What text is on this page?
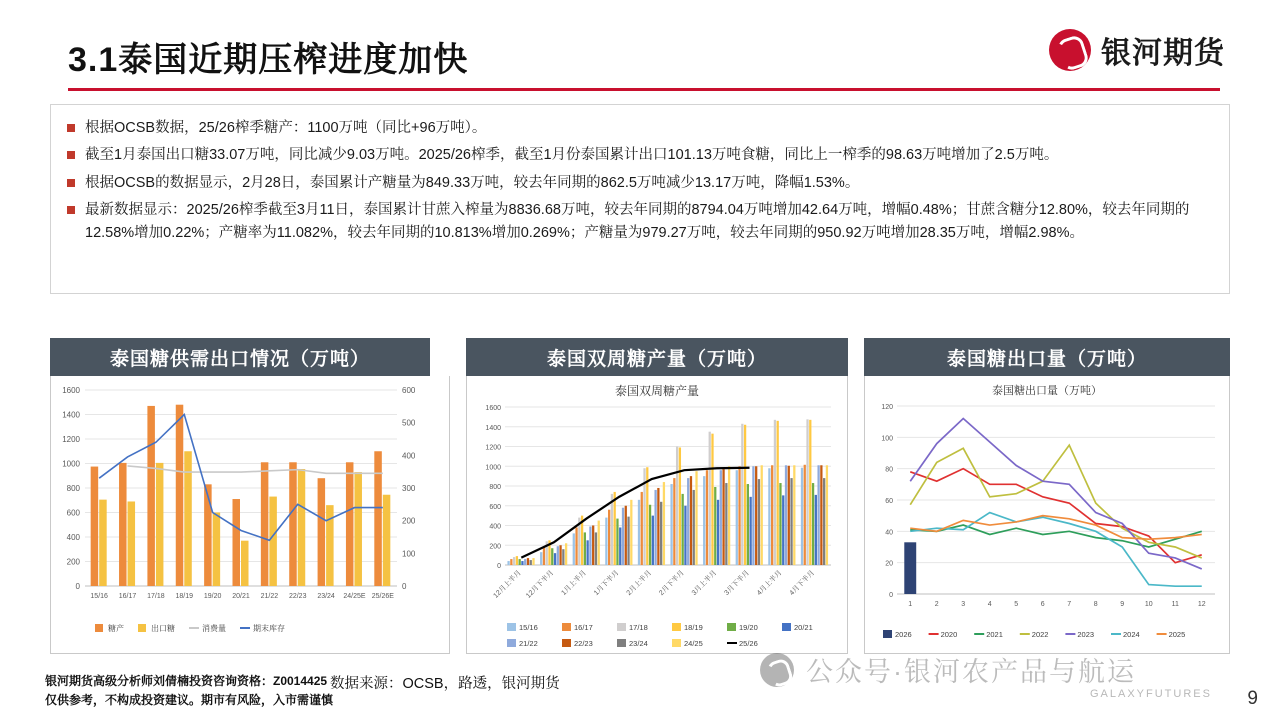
3.1泰国近期压榨进度加快	银河期货
根据OCSB数据，25/26榨季糖产：1100万吨（同比+96万吨）。
截至1月泰国出口糖33.07万吨，同比减少9.03万吨。2025/26榨季，截至1月份泰国累计出口101.13万吨食糖，同比上一榨季的98.63万吨增加了2.5万吨。
根据OCSB的数据显示，2月28日，泰国累计产糖量为849.33万吨，较去年同期的862.5万吨减少13.17万吨，降幅1.53%。
最新数据显示：2025/26榨季截至3月11日，泰国累计甘蔗入榨量为8836.68万吨，较去年同期的8794.04万吨增加42.64万吨，增幅0.48%；甘蔗含糖分12.80%，较去年同期的12.58%增加0.22%；产糖率为11.082%，较去年同期的10.813%增加0.269%；产糖量为979.27万吨，较去年同期的950.92万吨增加28.35万吨，增幅2.98%。
泰国糖供需出口情况（万吨）
0
200
400
600
800
1000
1200
1400
1600
0
100
200
300
400
500
600
15/16 16/17 17/18 18/19 19/20 20/21 21/22 22/23 23/24 24/25E 25/26E
糖产	出口糖	消费量	期末库存
泰国双周糖产量（万吨）
泰国双周糖产量
0
200
400
600
800
1000
1200
1400
1600
12月上半月 12月下半月 1月上半月 1月下半月 2月上半月 2月下半月 3月上半月 3月下半月 4月上半月 4月下半月
15/16	16/17	17/18	18/19	19/20	20/21
21/22	22/23	23/24	24/25	25/26
泰国糖出口量（万吨）
泰国糖出口量（万吨）
0
20
40
60
80
100
120
1	2	3	4	5	6	7	8	9	10	11	12
2026	2020	2021	2022	2023	2024	2025
银河期货高级分析师刘倩楠投资咨询资格：Z0014425
仅供参考，不构成投资建议。期市有风险，入市需谨慎
数据来源：OCSB，路透，银河期货	公众号·银河农产品与航运
GALAXYFUTURES 9
